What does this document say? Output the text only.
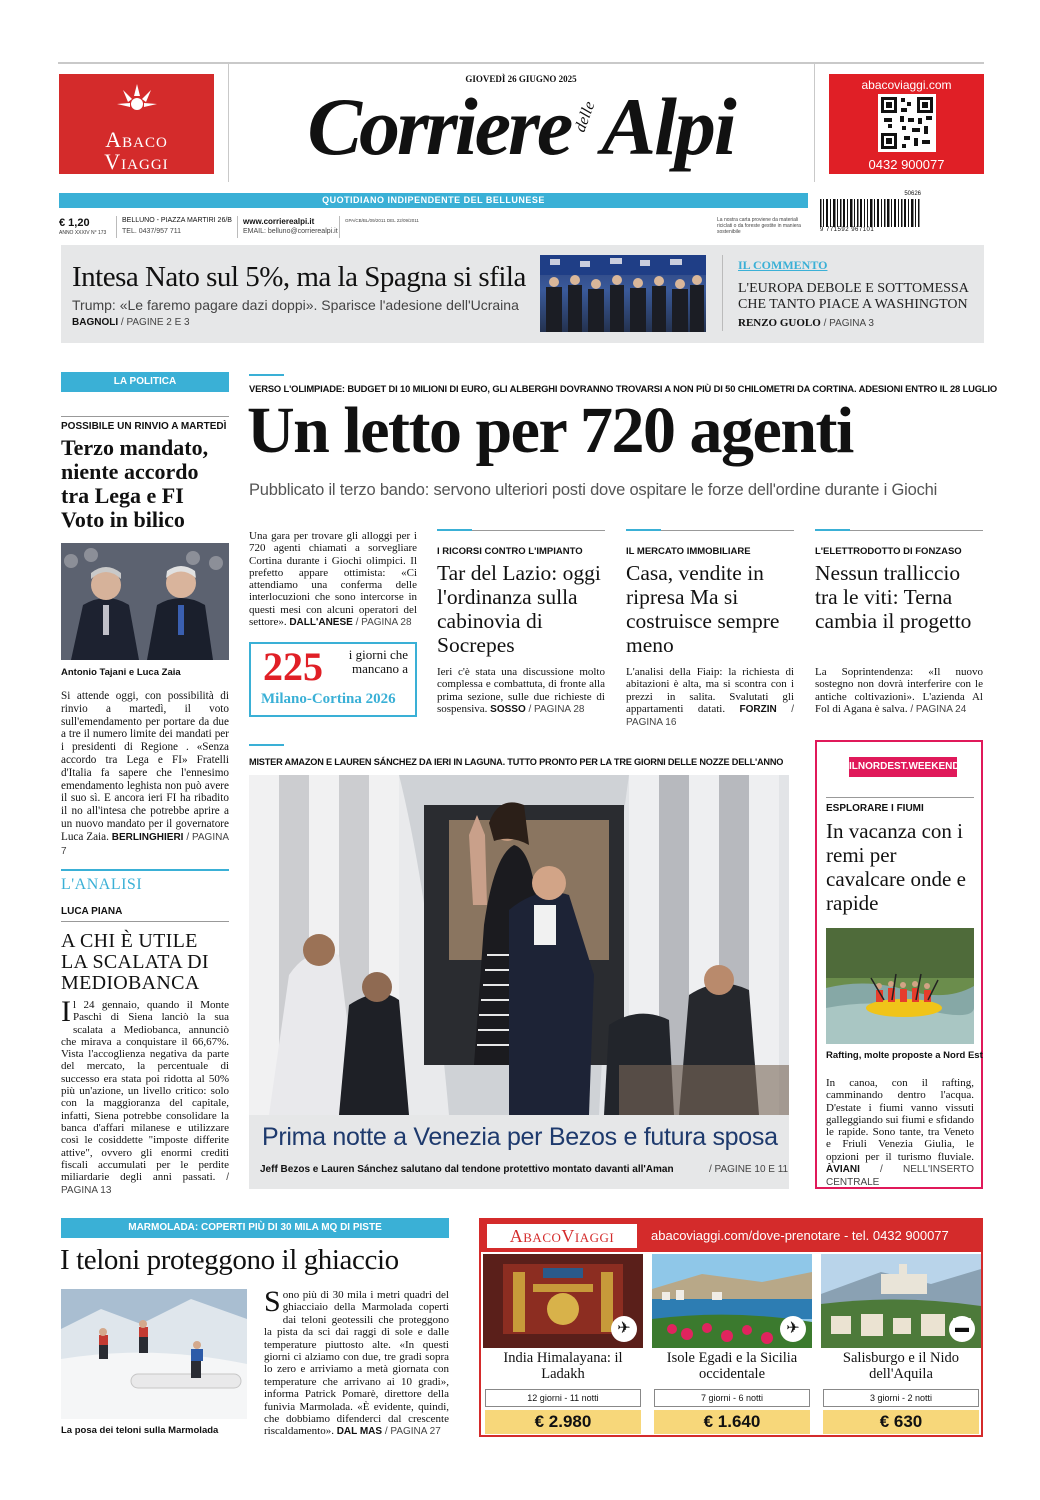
Abaco
Viaggi
GIOVEDÌ 26 GIUGNO 2025
Corriere delleAlpi	abacoviaggi.com
0432 900077
QUOTIDIANO INDIPENDENTE DEL BELLUNESE
€ 1,20
ANNO XXXIV N° 173
BELLUNO - PIAZZA MARTIRI 26/B
TEL. 0437/957 711
www.corrierealpi.it
EMAIL: belluno@corrierealpi.it
GPA/CB/BL/09/2011 DEL 22/09/2011	La nostra carta proviene da materiali riciclati o da foreste gestite in maniera sostenibile
50626
9 771592 967101
Intesa Nato sul 5%, ma la Spagna si sfila
Trump: «Le faremo pagare dazi doppi». Sparisce l'adesione dell'Ucraina
BAGNOLI / PAGINE 2 E 3
IL COMMENTO
L'EUROPA DEBOLE E SOTTOMESSA CHE TANTO PIACE A WASHINGTON
RENZO GUOLO / PAGINA 3
LA POLITICA
POSSIBILE UN RINVIO A MARTEDÌ
Terzo mandato, niente accordo tra Lega e FI Voto in bilico
Antonio Tajani e Luca Zaia
Si attende oggi, con possibilità di rinvio a martedì, il voto sull'emendamento per portare da due a tre il numero limite dei mandati per i presidenti di Regione . «Senza accordo tra Lega e FI» Fratelli d'Italia fa sapere che l'ennesimo emendamento leghista non può avere il suo sì. E ancora ieri FI ha ribadito il no all'intesa che potrebbe aprire a un nuovo mandato per il governatore Luca Zaia. BERLINGHIERI / PAGINA 7
L'ANALISI
LUCA PIANA
A CHI È UTILE LA SCALATA DI MEDIOBANCA
Il 24 gennaio, quando il Monte Paschi di Siena lanciò la sua scalata a Mediobanca, annunciò che mirava a conquistare il 66,67%. Vista l'accoglienza negativa da parte del mercato, la percentuale di successo era stata poi ridotta al 50% più un'azione, un livello critico: solo con la maggioranza del capitale, infatti, Siena potrebbe consolidare la banca d'affari milanese e utilizzare così le cosiddette "imposte differite attive", ovvero gli enormi crediti fiscali accumulati per le perdite miliardarie degli anni passati. / PAGINA 13
VERSO L'OLIMPIADE: BUDGET DI 10 MILIONI DI EURO, GLI ALBERGHI DOVRANNO TROVARSI A NON PIÙ DI 50 CHILOMETRI DA CORTINA. ADESIONI ENTRO IL 28 LUGLIO
Un letto per 720 agenti
Pubblicato il terzo bando: servono ulteriori posti dove ospitare le forze dell'ordine durante i Giochi
Una gara per trovare gli alloggi per i 720 agenti chiamati a sorvegliare Cortina durante i Giochi olimpici. Il prefetto appare ottimista: «Ci attendiamo una conferma delle interlocuzioni che sono intercorse in questi mesi con alcuni operatori del settore». DALL'ANESE / PAGINA 28
225 i giorni che mancano a
Milano-Cortina 2026
I RICORSI CONTRO L'IMPIANTO
Tar del Lazio: oggi l'ordinanza sulla cabinovia di Socrepes
Ieri c'è stata una discussione molto complessa e combattuta, di fronte alla prima sezione, sulle due richieste di sospensiva. SOSSO / PAGINA 28
IL MERCATO IMMOBILIARE
Casa, vendite in ripresa Ma si costruisce sempre meno
L'analisi della Fiaip: la richiesta di abitazioni è alta, ma si scontra con i prezzi in salita. Svalutati gli appartamenti datati. FORZIN / PAGINA 16
L'ELETTRODOTTO DI FONZASO
Nessun tralliccio tra le viti: Terna cambia il progetto
La Soprintendenza: «Il nuovo sostegno non dovrà interferire con le antiche coltivazioni». L'azienda Al Fol di Agana è salva. / PAGINA 24
MISTER AMAZON E LAUREN SÁNCHEZ DA IERI IN LAGUNA. TUTTO PRONTO PER LA TRE GIORNI DELLE NOZZE DELL'ANNO
Prima notte a Venezia per Bezos e futura sposa
Jeff Bezos e Lauren Sánchez salutano dal tendone protettivo montato davanti all'Aman	/ PAGINE 10 E 11
ILNORDEST.WEEKEND
ESPLORARE I FIUMI
In vacanza con i remi per cavalcare onde e rapide
Rafting, molte proposte a Nord Est
In canoa, con il rafting, camminando dentro l'acqua. D'estate i fiumi vanno vissuti galleggiando sui fiumi e sfidando le rapide. Sono tante, tra Veneto e Friuli Venezia Giulia, le opzioni per il turismo fluviale. ÀVIANI / NELL'INSERTO CENTRALE
MARMOLADA: COPERTI PIÙ DI 30 MILA MQ DI PISTE
I teloni proteggono il ghiaccio
La posa dei teloni sulla Marmolada
Sono più di 30 mila i metri quadri del ghiacciaio della Marmolada coperti dai teloni geotessili che proteggono la pista da sci dai raggi di sole e dalle temperature piuttosto alte. «In questi giorni ci alziamo con due, tre gradi sopra lo zero e arriviamo a metà giornata con temperature che arrivano ai 10 gradi», informa Patrick Pomarè, direttore della funivia Marmolada. «È evidente, quindi, che dobbiamo difenderci dal crescente riscaldamento». DAL MAS / PAGINA 27
AbacoViaggi	abacoviaggi.com/dove-prenotare - tel. 0432 900077
✈
India Himalayana: il Ladakh
12 giorni - 11 notti
€ 2.980
✈
Isole Egadi e la Sicilia occidentale
7 giorni - 6 notti
€ 1.640
▬
Salisburgo e il Nido dell'Aquila
3 giorni - 2 notti
€ 630
